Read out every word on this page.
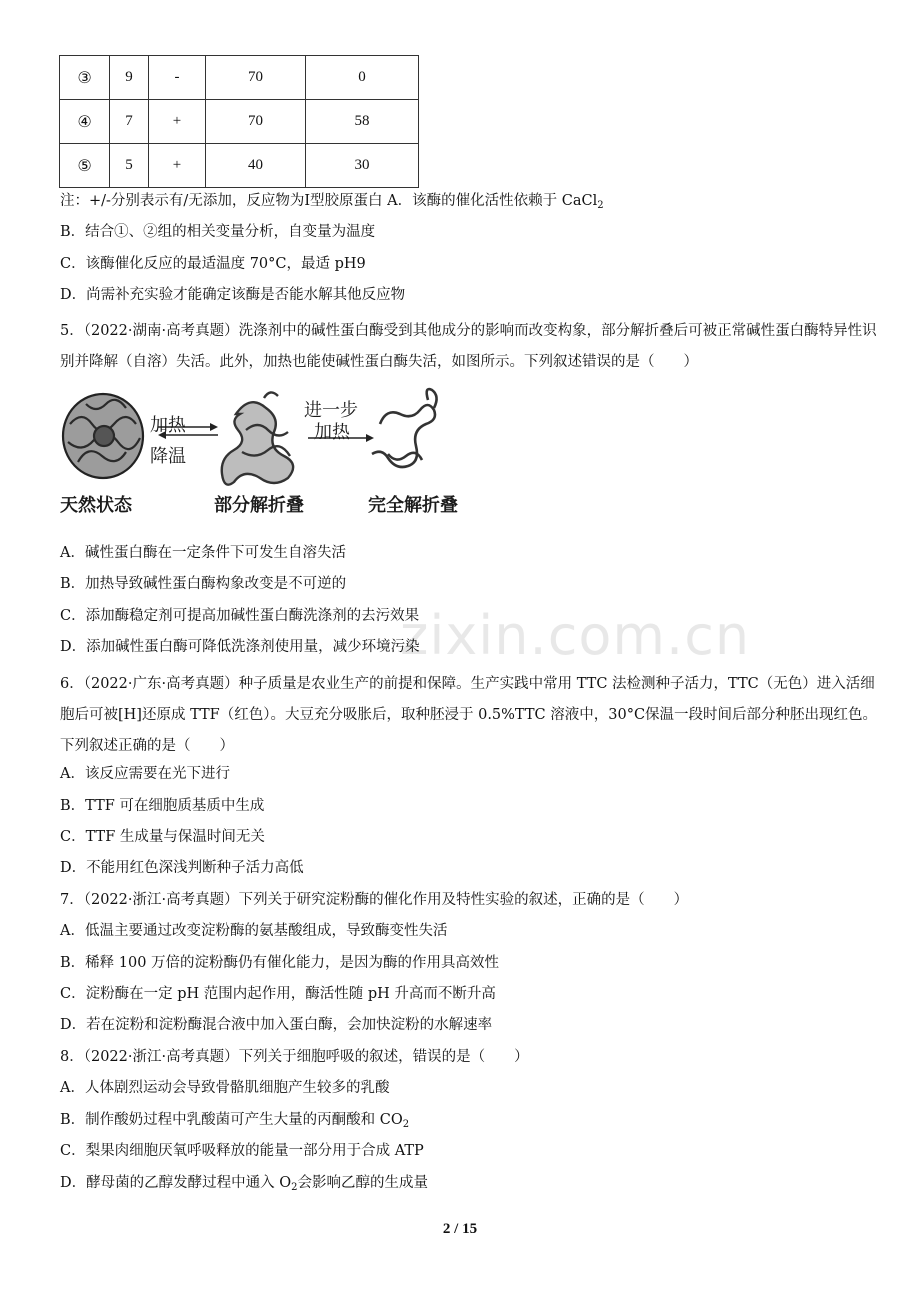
③	9	-	70	0
④	7	+	70	58
⑤	5	+	40	30
注：+/-分别表示有/无添加，反应物为Ⅰ型胶原蛋白 A．该酶的催化活性依赖于 CaCl$_2$
B．结合①、②组的相关变量分析，自变量为温度
C．该酶催化反应的最适温度 70°C，最适 pH9
D．尚需补充实验才能确定该酶是否能水解其他反应物
5．（2022·湖南·高考真题）洗涤剂中的碱性蛋白酶受到其他成分的影响而改变构象，部分解折叠后可被正常碱性蛋白酶特异性识别并降解（自溶）失活。此外，加热也能使碱性蛋白酶失活，如图所示。下列叙述错误的是（　　）
加热
降温
进一步
加热
天然状态	部分解折叠	完全解折叠
A．碱性蛋白酶在一定条件下可发生自溶失活
B．加热导致碱性蛋白酶构象改变是不可逆的
C．添加酶稳定剂可提高加碱性蛋白酶洗涤剂的去污效果
D．添加碱性蛋白酶可降低洗涤剂使用量，减少环境污染
zixin.com.cn
6．（2022·广东·高考真题）种子质量是农业生产的前提和保障。生产实践中常用 TTC 法检测种子活力，TTC（无色）进入活细胞后可被[H]还原成 TTF（红色）。大豆充分吸胀后，取种胚浸于 0.5%TTC 溶液中，30°C保温一段时间后部分种胚出现红色。下列叙述正确的是（　　）
A．该反应需要在光下进行
B．TTF 可在细胞质基质中生成
C．TTF 生成量与保温时间无关
D．不能用红色深浅判断种子活力高低
7．（2022·浙江·高考真题）下列关于研究淀粉酶的催化作用及特性实验的叙述，正确的是（　　）
A．低温主要通过改变淀粉酶的氨基酸组成，导致酶变性失活
B．稀释 100 万倍的淀粉酶仍有催化能力，是因为酶的作用具高效性
C．淀粉酶在一定 pH 范围内起作用，酶活性随 pH 升高而不断升高
D．若在淀粉和淀粉酶混合液中加入蛋白酶，会加快淀粉的水解速率
8．（2022·浙江·高考真题）下列关于细胞呼吸的叙述，错误的是（　　）
A．人体剧烈运动会导致骨骼肌细胞产生较多的乳酸
B．制作酸奶过程中乳酸菌可产生大量的丙酮酸和 $CO_2$
C．梨果肉细胞厌氧呼吸释放的能量一部分用于合成 ATP
D．酵母菌的乙醇发酵过程中通入 $O_2$会影响乙醇的生成量
2 / 15
